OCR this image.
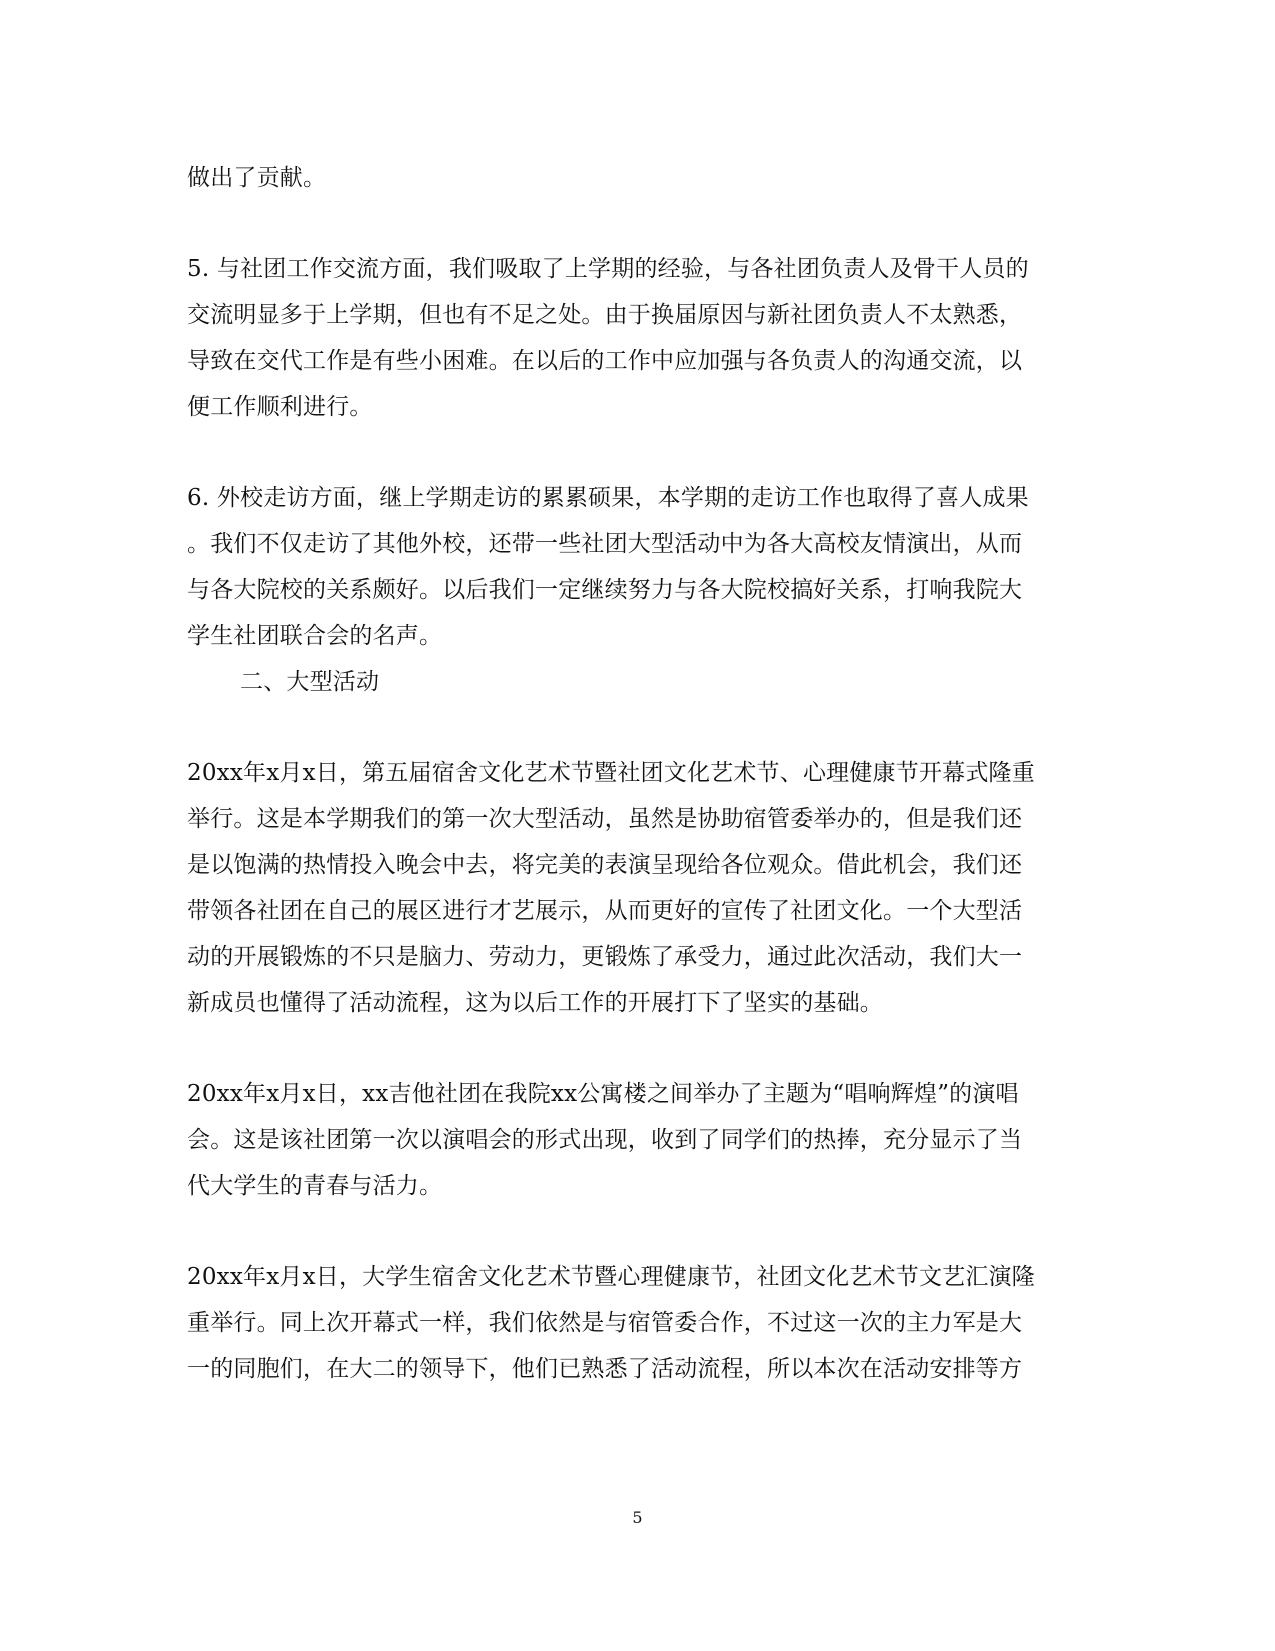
做出了贡献。
5. 与社团工作交流方面，我们吸取了上学期的经验，与各社团负责人及骨干人员的
交流明显多于上学期，但也有不足之处。由于换届原因与新社团负责人不太熟悉，
导致在交代工作是有些小困难。在以后的工作中应加强与各负责人的沟通交流，以
便工作顺利进行。
6. 外校走访方面，继上学期走访的累累硕果，本学期的走访工作也取得了喜人成果
。我们不仅走访了其他外校，还带一些社团大型活动中为各大高校友情演出，从而
与各大院校的关系颇好。以后我们一定继续努力与各大院校搞好关系，打响我院大
学生社团联合会的名声。
二、大型活动
20xx年x月x日，第五届宿舍文化艺术节暨社团文化艺术节、心理健康节开幕式隆重
举行。这是本学期我们的第一次大型活动，虽然是协助宿管委举办的，但是我们还
是以饱满的热情投入晚会中去，将完美的表演呈现给各位观众。借此机会，我们还
带领各社团在自己的展区进行才艺展示，从而更好的宣传了社团文化。一个大型活
动的开展锻炼的不只是脑力、劳动力，更锻炼了承受力，通过此次活动，我们大一
新成员也懂得了活动流程，这为以后工作的开展打下了坚实的基础。
20xx年x月x日，xx吉他社团在我院xx公寓楼之间举办了主题为“唱响辉煌”的演唱
会。这是该社团第一次以演唱会的形式出现，收到了同学们的热捧，充分显示了当
代大学生的青春与活力。
20xx年x月x日，大学生宿舍文化艺术节暨心理健康节，社团文化艺术节文艺汇演隆
重举行。同上次开幕式一样，我们依然是与宿管委合作，不过这一次的主力军是大
一的同胞们，在大二的领导下，他们已熟悉了活动流程，所以本次在活动安排等方
5
